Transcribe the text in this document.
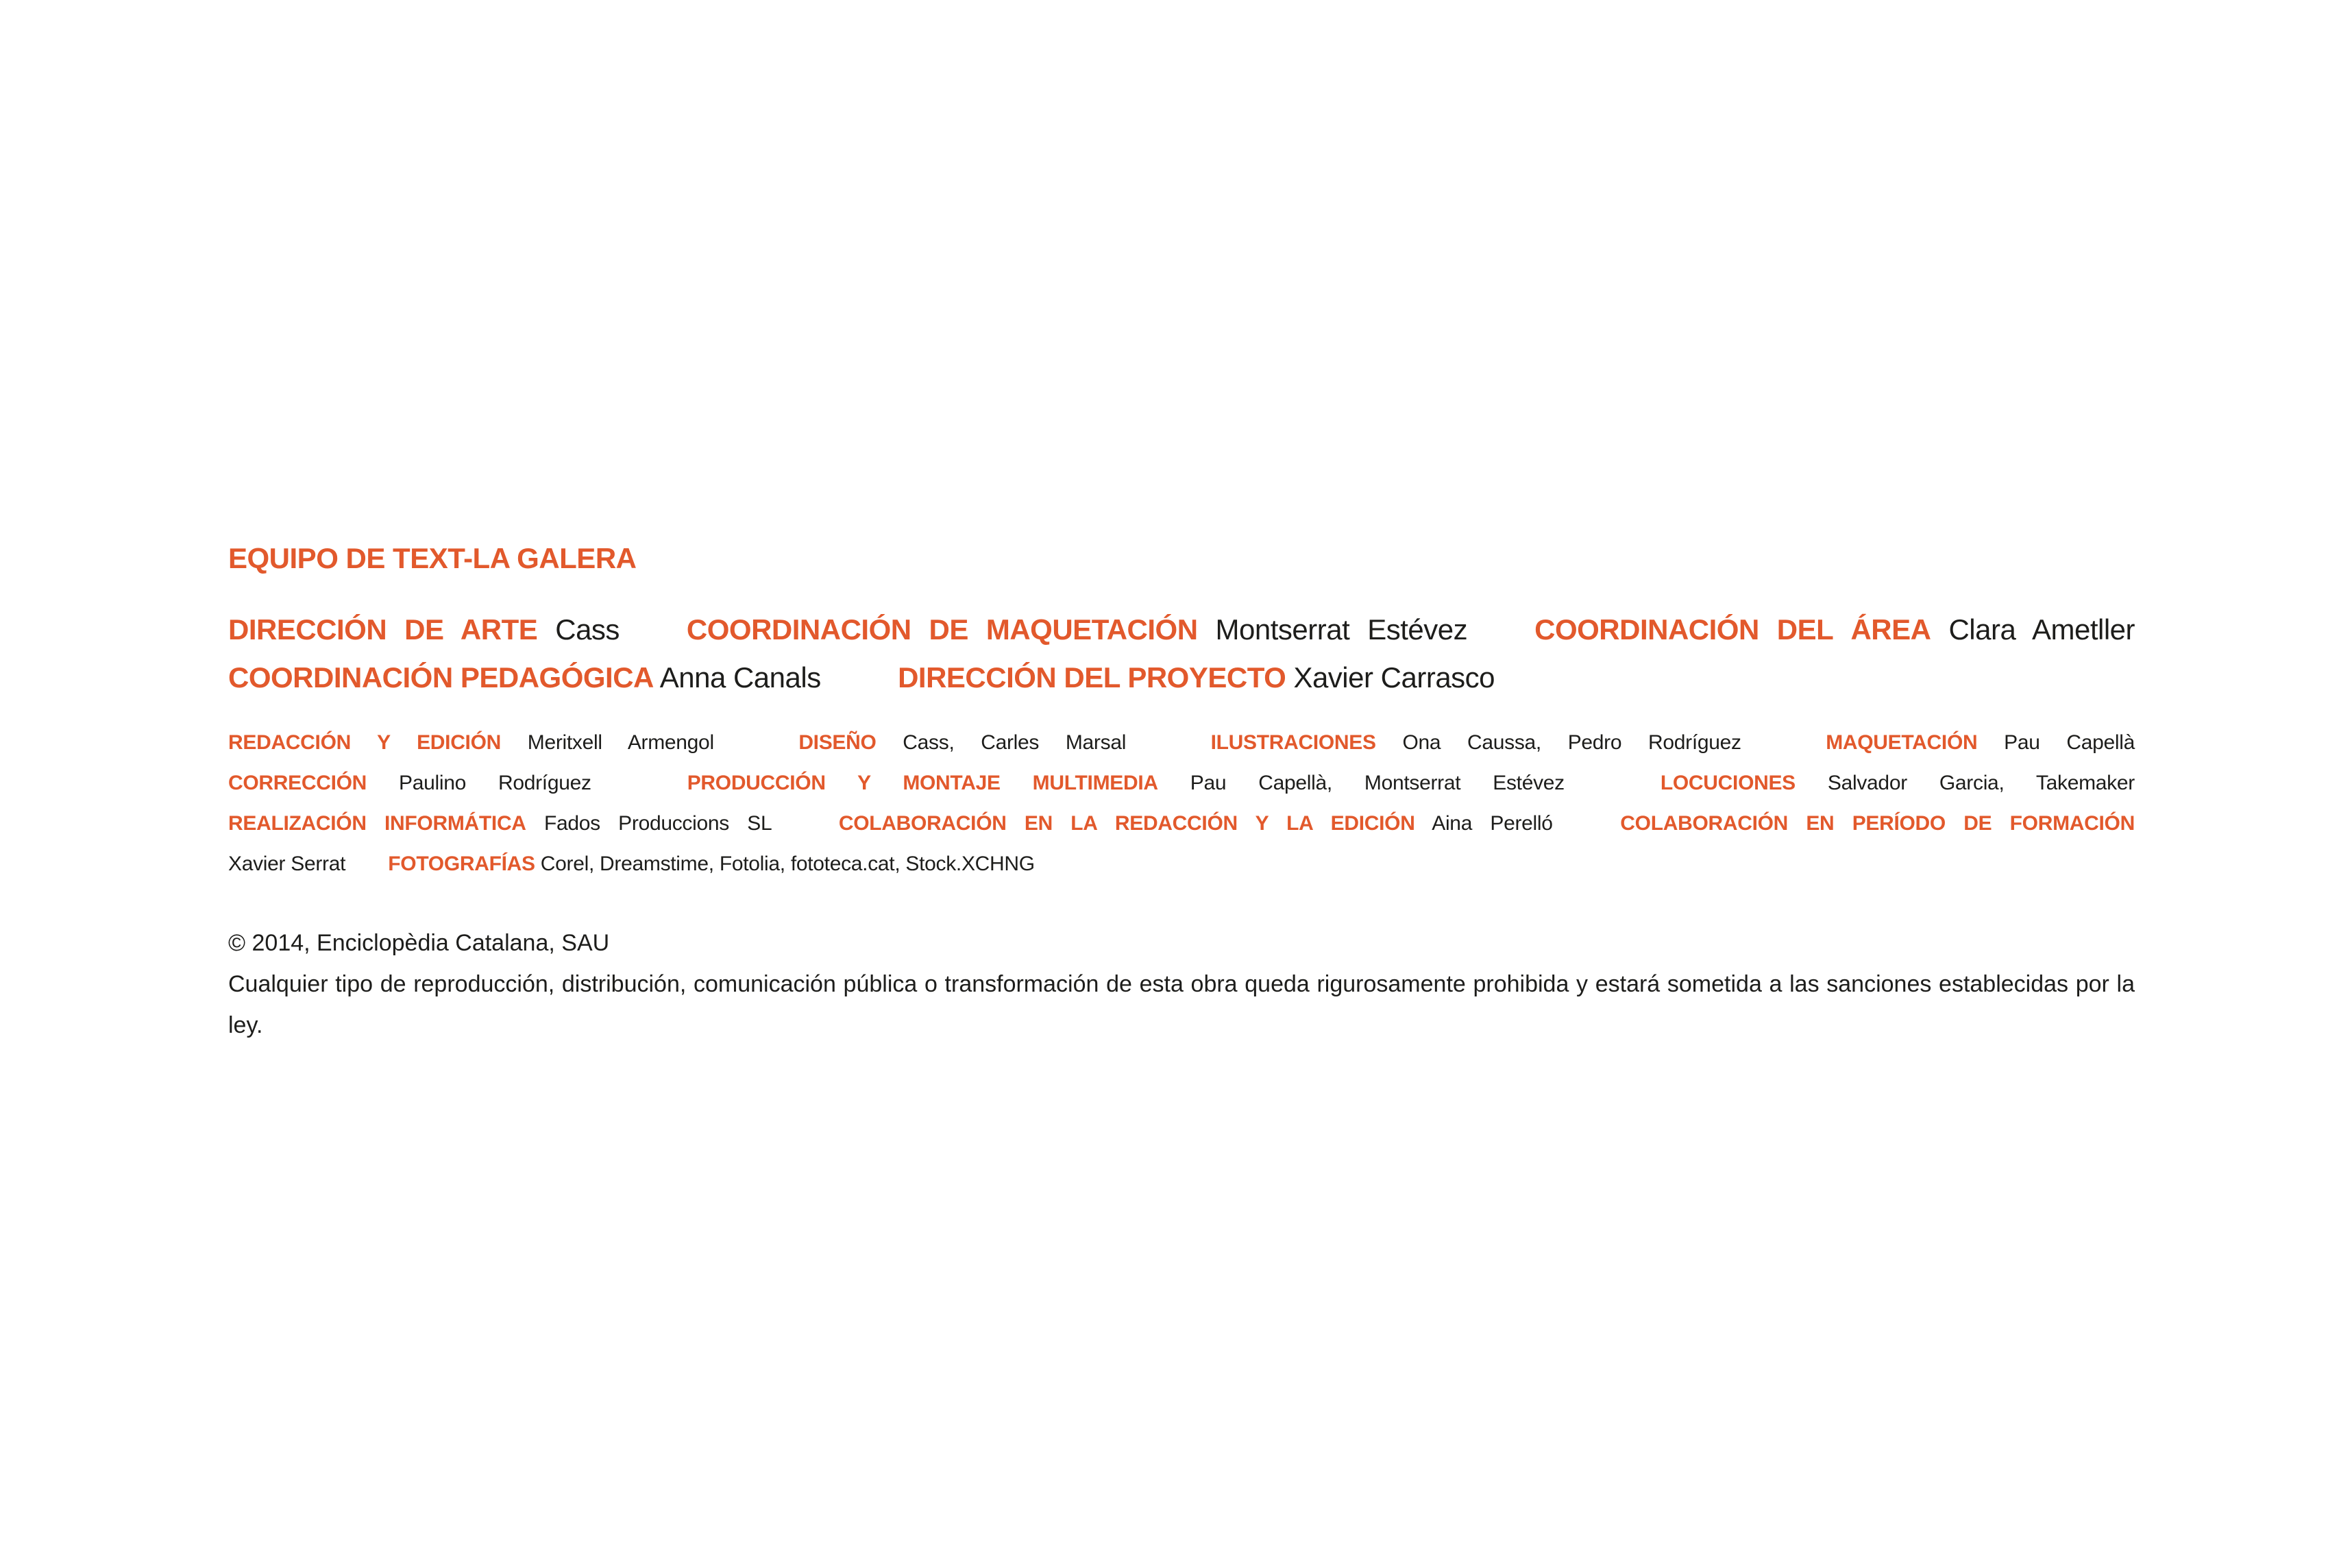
EQUIPO DE TEXT-LA GALERA
DIRECCIÓN DE ARTE Cass COORDINACIÓN DE MAQUETACIÓN Montserrat Estévez COORDINACIÓN DEL ÁREA Clara Ametller
COORDINACIÓN PEDAGÓGICA Anna Canals	DIRECCIÓN DEL PROYECTO Xavier Carrasco
REDACCIÓN Y EDICIÓN Meritxell Armengol	DISEÑO Cass, Carles Marsal	ILUSTRACIONES Ona Caussa, Pedro Rodríguez	MAQUETACIÓN Pau Capellà
CORRECCIÓN Paulino Rodríguez	PRODUCCIÓN Y MONTAJE MULTIMEDIA Pau Capellà, Montserrat Estévez	LOCUCIONES Salvador Garcia, Takemaker
REALIZACIÓN INFORMÁTICA Fados Produccions SL	COLABORACIÓN EN LA REDACCIÓN Y LA EDICIÓN Aina Perelló	COLABORACIÓN EN PERÍODO DE FORMACIÓN
Xavier Serrat FOTOGRAFÍAS Corel, Dreamstime, Fotolia, fototeca.cat, Stock.XCHNG

© 2014, Enciclopèdia Catalana, SAU

Cualquier tipo de reproducción, distribución, comunicación pública o transformación de esta obra queda rigurosamente prohibida y estará sometida a las sanciones establecidas por la ley.
